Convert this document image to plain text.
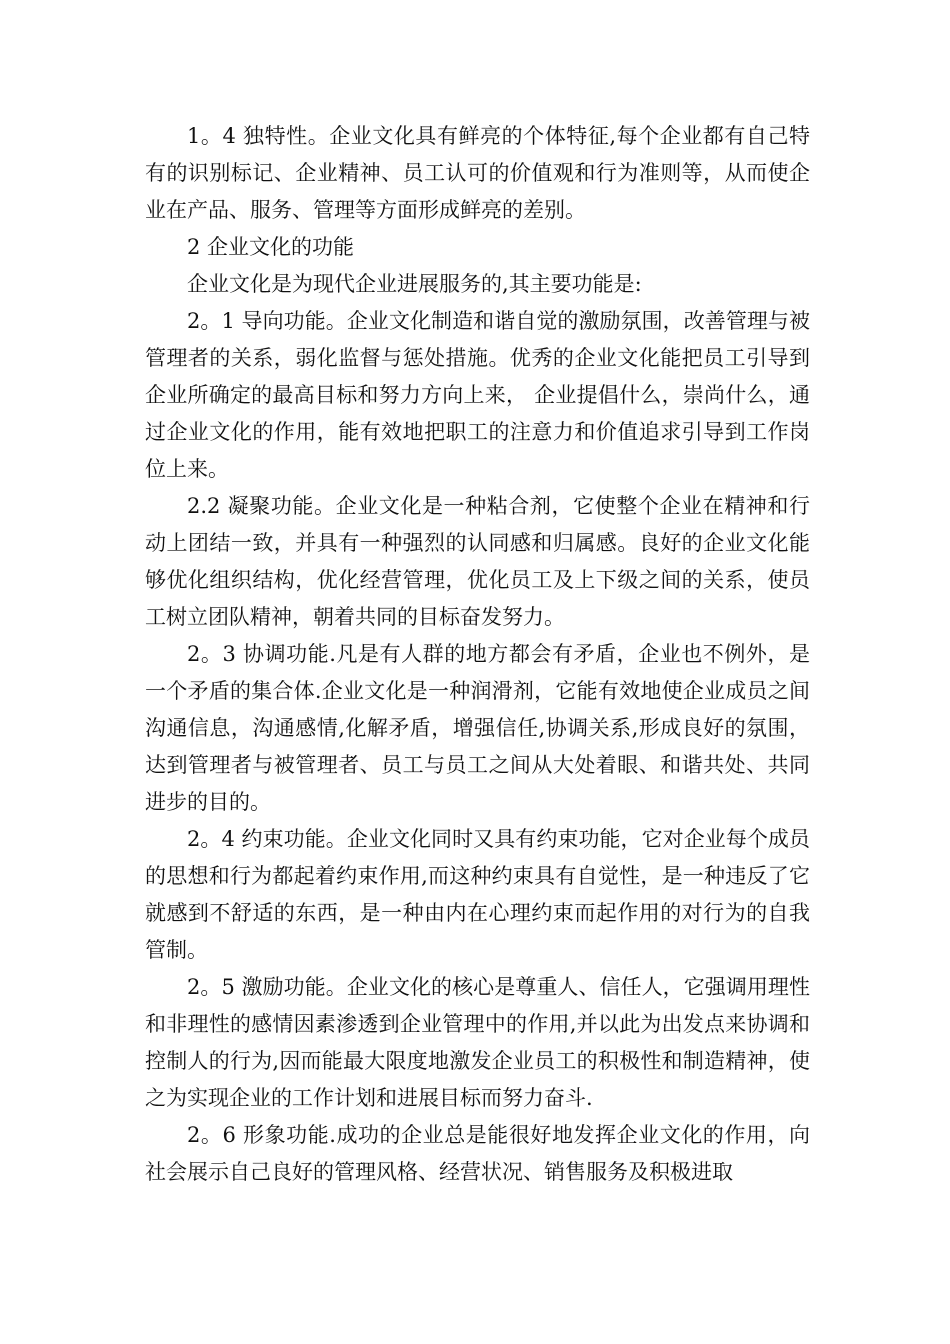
1。4 独特性。企业文化具有鲜亮的个体特征,每个企业都有自己特有的识别标记、企业精神、员工认可的价值观和行为准则等，从而使企业在产品、服务、管理等方面形成鲜亮的差别。

2 企业文化的功能

企业文化是为现代企业进展服务的,其主要功能是:

2。1 导向功能。企业文化制造和谐自觉的激励氛围，改善管理与被管理者的关系，弱化监督与惩处措施。优秀的企业文化能把员工引导到企业所确定的最高目标和努力方向上来， 企业提倡什么，崇尚什么，通过企业文化的作用，能有效地把职工的注意力和价值追求引导到工作岗位上来。

2.2 凝聚功能。企业文化是一种粘合剂，它使整个企业在精神和行动上团结一致，并具有一种强烈的认同感和归属感。良好的企业文化能够优化组织结构，优化经营管理，优化员工及上下级之间的关系，使员工树立团队精神，朝着共同的目标奋发努力。

2。3 协调功能.凡是有人群的地方都会有矛盾，企业也不例外，是一个矛盾的集合体.企业文化是一种润滑剂，它能有效地使企业成员之间沟通信息，沟通感情,化解矛盾，增强信任,协调关系,形成良好的氛围，达到管理者与被管理者、员工与员工之间从大处着眼、和谐共处、共同进步的目的。

2。4 约束功能。企业文化同时又具有约束功能，它对企业每个成员的思想和行为都起着约束作用,而这种约束具有自觉性，是一种违反了它就感到不舒适的东西，是一种由内在心理约束而起作用的对行为的自我管制。

2。5 激励功能。企业文化的核心是尊重人、信任人，它强调用理性和非理性的感情因素渗透到企业管理中的作用,并以此为出发点来协调和控制人的行为,因而能最大限度地激发企业员工的积极性和制造精神，使之为实现企业的工作计划和进展目标而努力奋斗.

2。6 形象功能.成功的企业总是能很好地发挥企业文化的作用，向社会展示自己良好的管理风格、经营状况、销售服务及积极进取
